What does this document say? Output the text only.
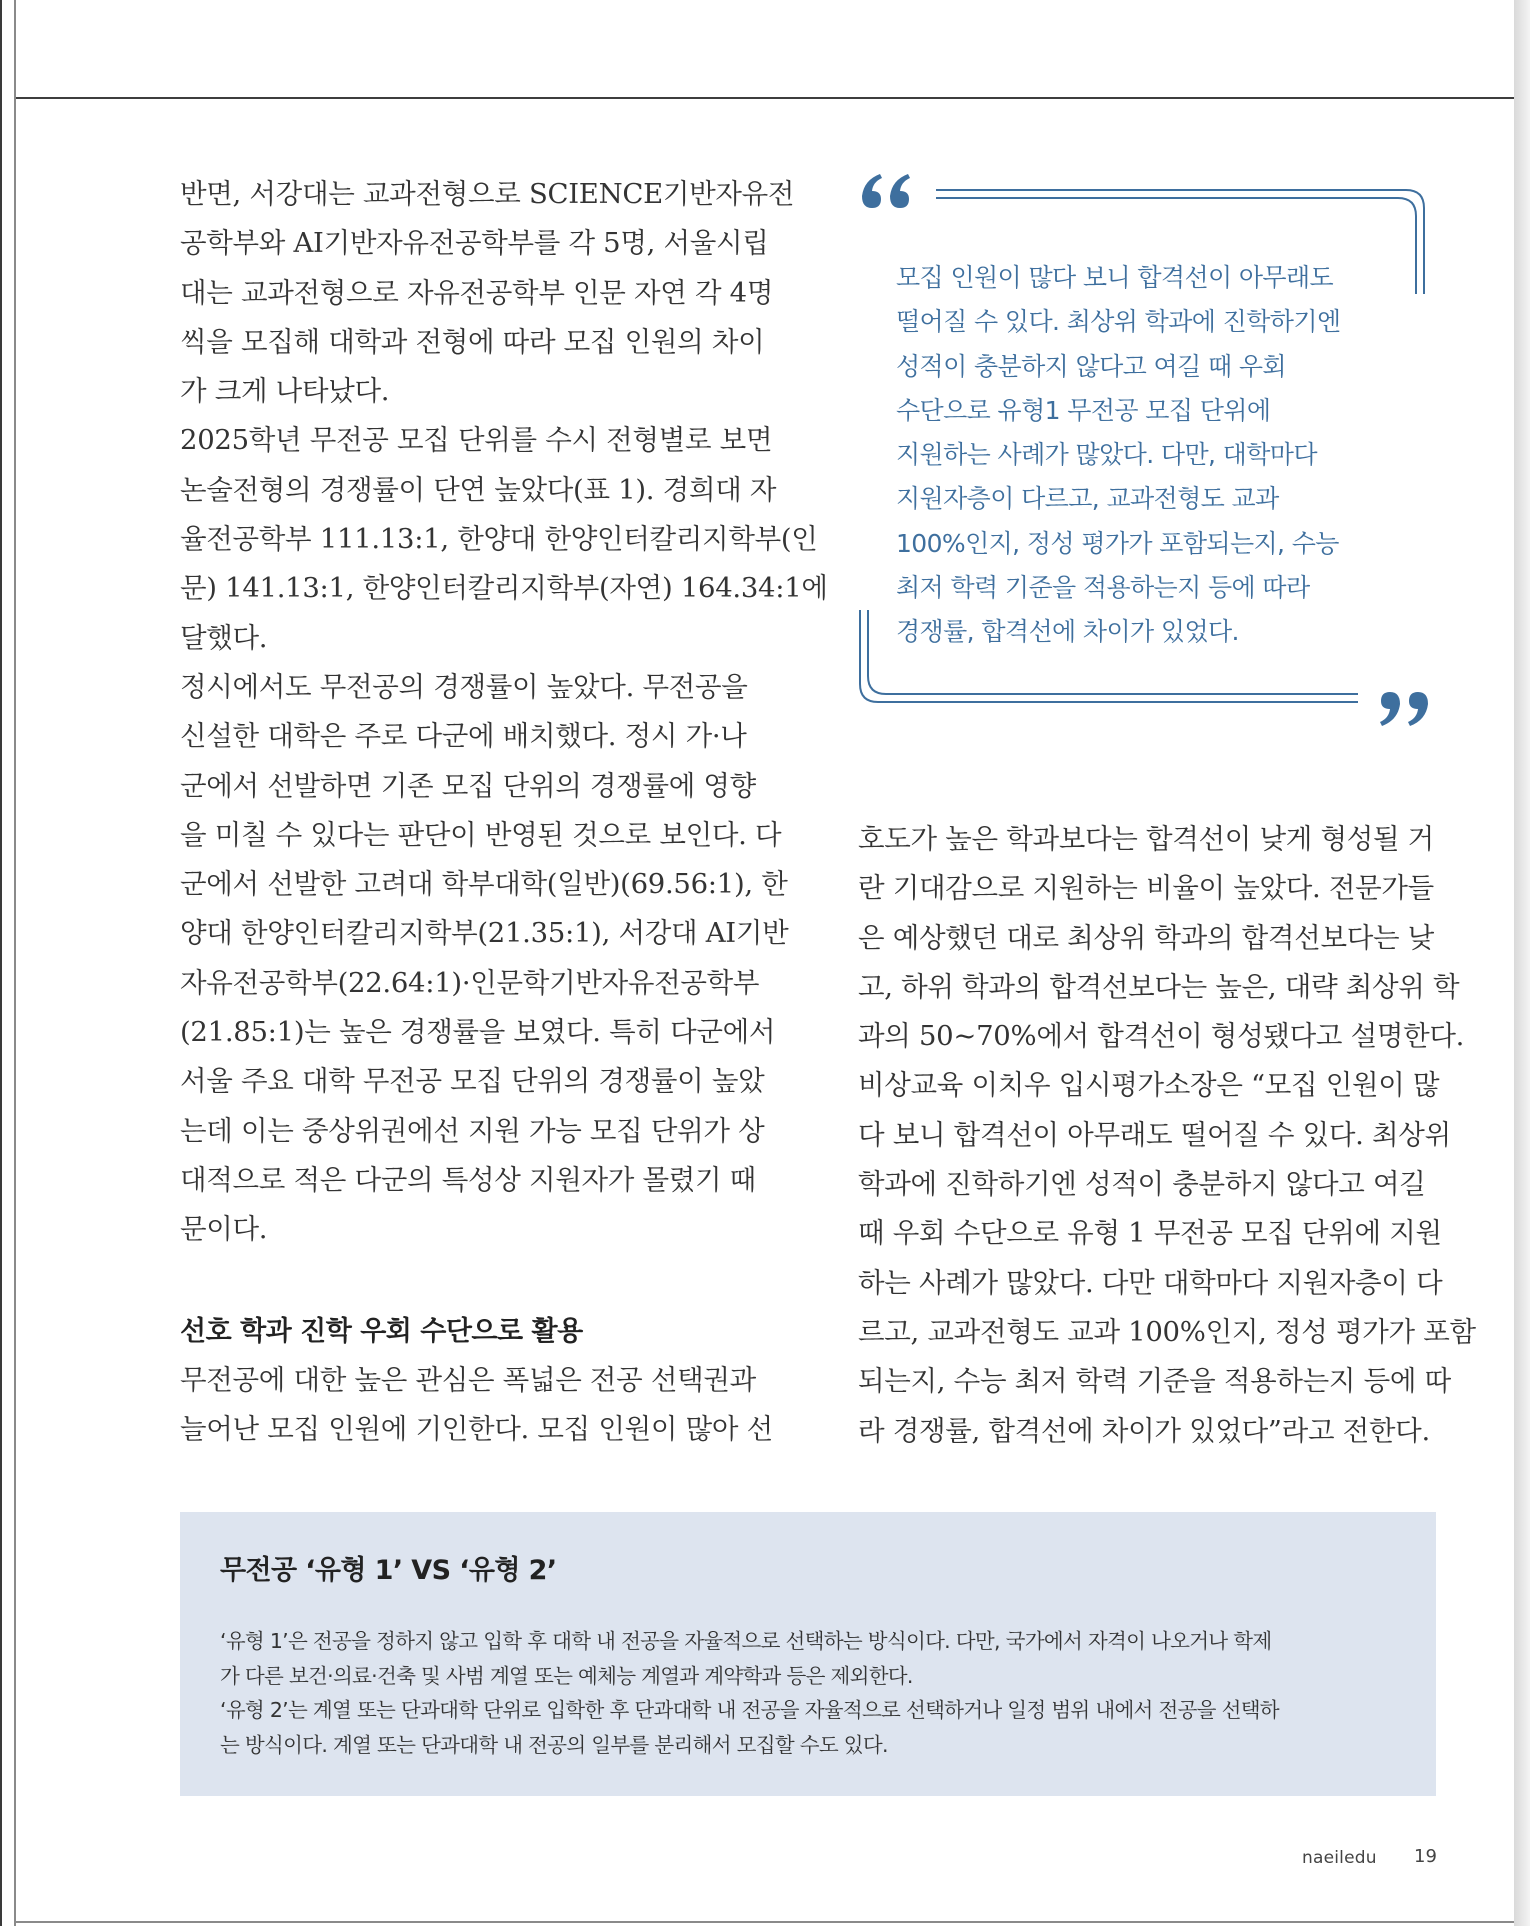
반면, 서강대는 교과전형으로 SCIENCE기반자유전
공학부와 AI기반자유전공학부를 각 5명, 서울시립
대는 교과전형으로 자유전공학부 인문 자연 각 4명
씩을 모집해 대학과 전형에 따라 모집 인원의 차이
가 크게 나타났다.
2025학년 무전공 모집 단위를 수시 전형별로 보면
논술전형의 경쟁률이 단연 높았다(표 1). 경희대 자
율전공학부 111.13:1, 한양대 한양인터칼리지학부(인
문) 141.13:1, 한양인터칼리지학부(자연) 164.34:1에
달했다.
정시에서도 무전공의 경쟁률이 높았다. 무전공을
신설한 대학은 주로 다군에 배치했다. 정시 가·나
군에서 선발하면 기존 모집 단위의 경쟁률에 영향
을 미칠 수 있다는 판단이 반영된 것으로 보인다. 다
군에서 선발한 고려대 학부대학(일반)(69.56:1), 한
양대 한양인터칼리지학부(21.35:1), 서강대 AI기반
자유전공학부(22.64:1)·인문학기반자유전공학부
(21.85:1)는 높은 경쟁률을 보였다. 특히 다군에서
서울 주요 대학 무전공 모집 단위의 경쟁률이 높았
는데 이는 중상위권에선 지원 가능 모집 단위가 상
대적으로 적은 다군의 특성상 지원자가 몰렸기 때
문이다.
선호 학과 진학 우회 수단으로 활용
무전공에 대한 높은 관심은 폭넓은 전공 선택권과
늘어난 모집 인원에 기인한다. 모집 인원이 많아 선
모집 인원이 많다 보니 합격선이 아무래도
떨어질 수 있다. 최상위 학과에 진학하기엔
성적이 충분하지 않다고 여길 때 우회
수단으로 유형1 무전공 모집 단위에
지원하는 사례가 많았다. 다만, 대학마다
지원자층이 다르고, 교과전형도 교과
100%인지, 정성 평가가 포함되는지, 수능
최저 학력 기준을 적용하는지 등에 따라
경쟁률, 합격선에 차이가 있었다.
호도가 높은 학과보다는 합격선이 낮게 형성될 거
란 기대감으로 지원하는 비율이 높았다. 전문가들
은 예상했던 대로 최상위 학과의 합격선보다는 낮
고, 하위 학과의 합격선보다는 높은, 대략 최상위 학
과의 50~70%에서 합격선이 형성됐다고 설명한다.
비상교육 이치우 입시평가소장은 “모집 인원이 많
다 보니 합격선이 아무래도 떨어질 수 있다. 최상위
학과에 진학하기엔 성적이 충분하지 않다고 여길
때 우회 수단으로 유형 1 무전공 모집 단위에 지원
하는 사례가 많았다. 다만 대학마다 지원자층이 다
르고, 교과전형도 교과 100%인지, 정성 평가가 포함
되는지, 수능 최저 학력 기준을 적용하는지 등에 따
라 경쟁률, 합격선에 차이가 있었다”라고 전한다.
무전공 ‘유형 1’ VS ‘유형 2’
‘유형 1’은 전공을 정하지 않고 입학 후 대학 내 전공을 자율적으로 선택하는 방식이다. 다만, 국가에서 자격이 나오거나 학제
가 다른 보건·의료·건축 및 사범 계열 또는 예체능 계열과 계약학과 등은 제외한다.
‘유형 2’는 계열 또는 단과대학 단위로 입학한 후 단과대학 내 전공을 자율적으로 선택하거나 일정 범위 내에서 전공을 선택하
는 방식이다. 계열 또는 단과대학 내 전공의 일부를 분리해서 모집할 수도 있다.
naeiledu 19
